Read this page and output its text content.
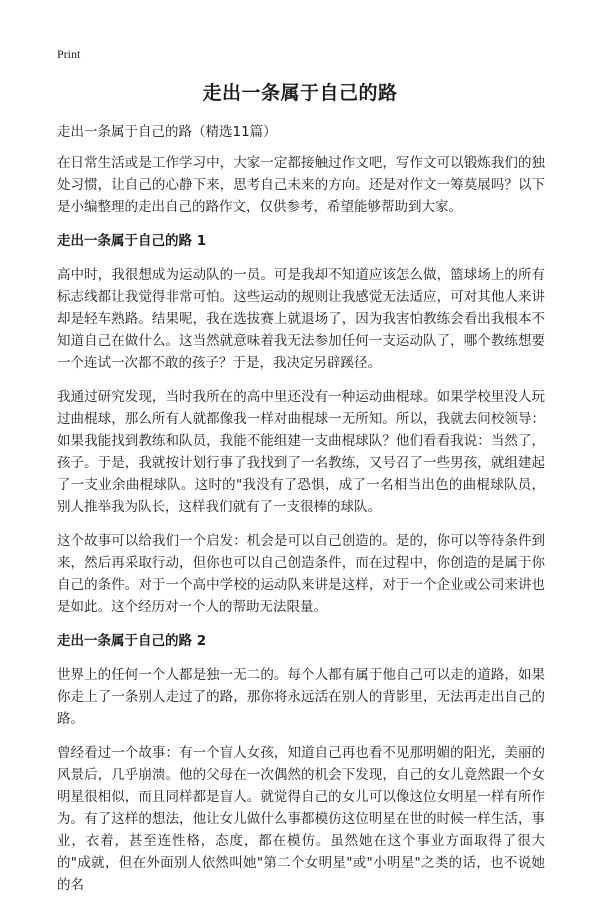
Print
走出一条属于自己的路

走出一条属于自己的路（精选11篇）

在日常生活或是工作学习中，大家一定都接触过作文吧，写作文可以锻炼我们的独处习惯，让自己的心静下来，思考自己未来的方向。还是对作文一筹莫展吗？以下是小编整理的走出自己的路作文，仅供参考，希望能够帮助到大家。

走出一条属于自己的路 1

高中时，我很想成为运动队的一员。可是我却不知道应该怎么做，篮球场上的所有标志线都让我觉得非常可怕。这些运动的规则让我感觉无法适应，可对其他人来讲却是轻车熟路。结果呢，我在选拔赛上就退场了，因为我害怕教练会看出我根本不知道自己在做什么。这当然就意味着我无法参加任何一支运动队了，哪个教练想要一个连试一次都不敢的孩子？于是，我决定另辟蹊径。

我通过研究发现，当时我所在的高中里还没有一种运动曲棍球。如果学校里没人玩过曲棍球，那么所有人就都像我一样对曲棍球一无所知。所以，我就去问校领导：如果我能找到教练和队员，我能不能组建一支曲棍球队？他们看看我说：当然了，孩子。于是，我就按计划行事了我找到了一名教练，又号召了一些男孩，就组建起了一支业余曲棍球队。这时的"我没有了恐惧，成了一名相当出色的曲棍球队员，别人推举我为队长，这样我们就有了一支很棒的球队。

这个故事可以给我们一个启发：机会是可以自己创造的。是的，你可以等待条件到来，然后再采取行动，但你也可以自己创造条件，而在过程中，你创造的是属于你自己的条件。对于一个高中学校的运动队来讲是这样，对于一个企业或公司来讲也是如此。这个经历对一个人的帮助无法限量。

走出一条属于自己的路 2

世界上的任何一个人都是独一无二的。每个人都有属于他自己可以走的道路，如果你走上了一条别人走过了的路，那你将永远活在别人的背影里，无法再走出自己的路。

曾经看过一个故事：有一个盲人女孩，知道自己再也看不见那明媚的阳光，美丽的风景后，几乎崩溃。他的父母在一次偶然的机会下发现，自己的女儿竟然跟一个女明星很相似，而且同样都是盲人。就觉得自己的女儿可以像这位女明星一样有所作为。有了这样的想法，他让女儿做什么事都模仿这位明星在世的时候一样生活，事业，衣着，甚至连性格，态度，都在模仿。虽然她在这个事业方面取得了很大的"成就，但在外面别人依然叫她"第二个女明星"或"小明星"之类的话，也不说她的名
